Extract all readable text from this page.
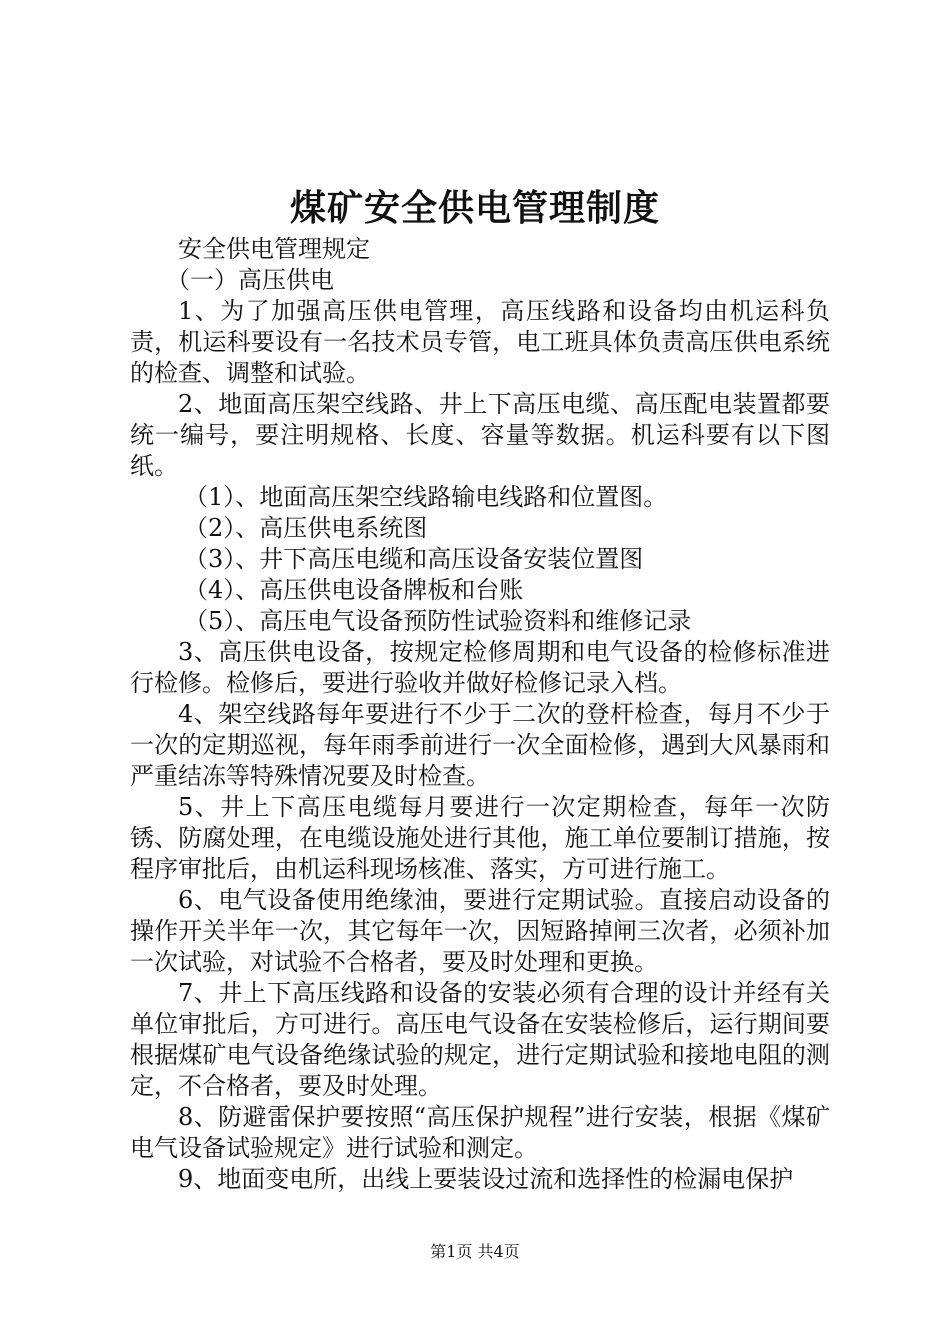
煤矿安全供电管理制度

安全供电管理规定

（一）高压供电

1、为了加强高压供电管理，高压线路和设备均由机运科负责，机运科要设有一名技术员专管，电工班具体负责高压供电系统的检查、调整和试验。

2、地面高压架空线路、井上下高压电缆、高压配电装置都要统一编号，要注明规格、长度、容量等数据。机运科要有以下图纸。

（1）、地面高压架空线路输电线路和位置图。

（2）、高压供电系统图

（3）、井下高压电缆和高压设备安装位置图

（4）、高压供电设备牌板和台账

（5）、高压电气设备预防性试验资料和维修记录

3、高压供电设备，按规定检修周期和电气设备的检修标准进行检修。检修后，要进行验收并做好检修记录入档。

4、架空线路每年要进行不少于二次的登杆检查，每月不少于一次的定期巡视，每年雨季前进行一次全面检修，遇到大风暴雨和严重结冻等特殊情况要及时检查。

5、井上下高压电缆每月要进行一次定期检查，每年一次防锈、防腐处理，在电缆设施处进行其他，施工单位要制订措施，按程序审批后，由机运科现场核准、落实，方可进行施工。

6、电气设备使用绝缘油，要进行定期试验。直接启动设备的操作开关半年一次，其它每年一次，因短路掉闸三次者，必须补加一次试验，对试验不合格者，要及时处理和更换。

7、井上下高压线路和设备的安装必须有合理的设计并经有关单位审批后，方可进行。高压电气设备在安装检修后，运行期间要根据煤矿电气设备绝缘试验的规定，进行定期试验和接地电阻的测定，不合格者，要及时处理。

8、防避雷保护要按照“高压保护规程”进行安装，根据《煤矿电气设备试验规定》进行试验和测定。

9、地面变电所，出线上要装设过流和选择性的检漏电保护

第1页 共4页
